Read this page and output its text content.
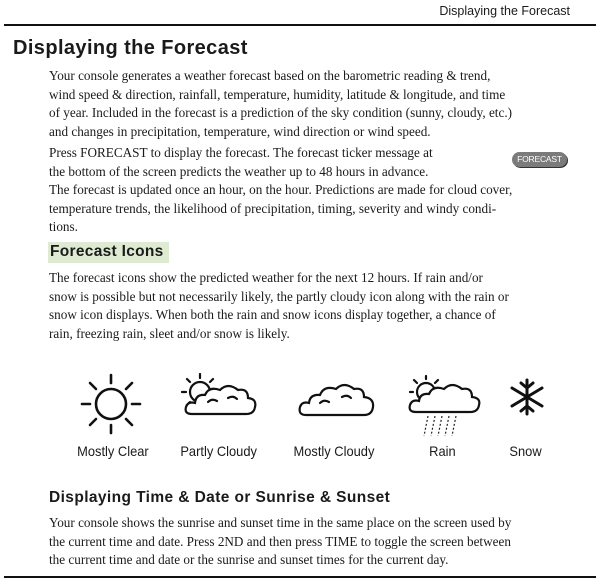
Displaying the Forecast
Displaying the Forecast

Your console generates a weather forecast based on the barometric reading & trend,
wind speed & direction, rainfall, temperature, humidity, latitude & longitude, and time
of year. Included in the forecast is a prediction of the sky condition (sunny, cloudy, etc.)
and changes in precipitation, temperature, wind direction or wind speed.

Press FORECAST to display the forecast. The forecast ticker message at
the bottom of the screen predicts the weather up to 48 hours in advance.

FORECAST

The forecast is updated once an hour, on the hour. Predictions are made for cloud cover,
temperature trends, the likelihood of precipitation, timing, severity and windy condi-
tions.

Forecast Icons

The forecast icons show the predicted weather for the next 12 hours. If rain and/or
snow is possible but not necessarily likely, the partly cloudy icon along with the rain or
snow icon displays. When both the rain and snow icons display together, a chance of
rain, freezing rain, sleet and/or snow is likely.

Mostly Clear Partly Cloudy	Mostly Cloudy	Rain	Snow
Displaying Time & Date or Sunrise & Sunset

Your console shows the sunrise and sunset time in the same place on the screen used by
the current time and date. Press 2ND and then press TIME to toggle the screen between
the current time and date or the sunrise and sunset times for the current day.
